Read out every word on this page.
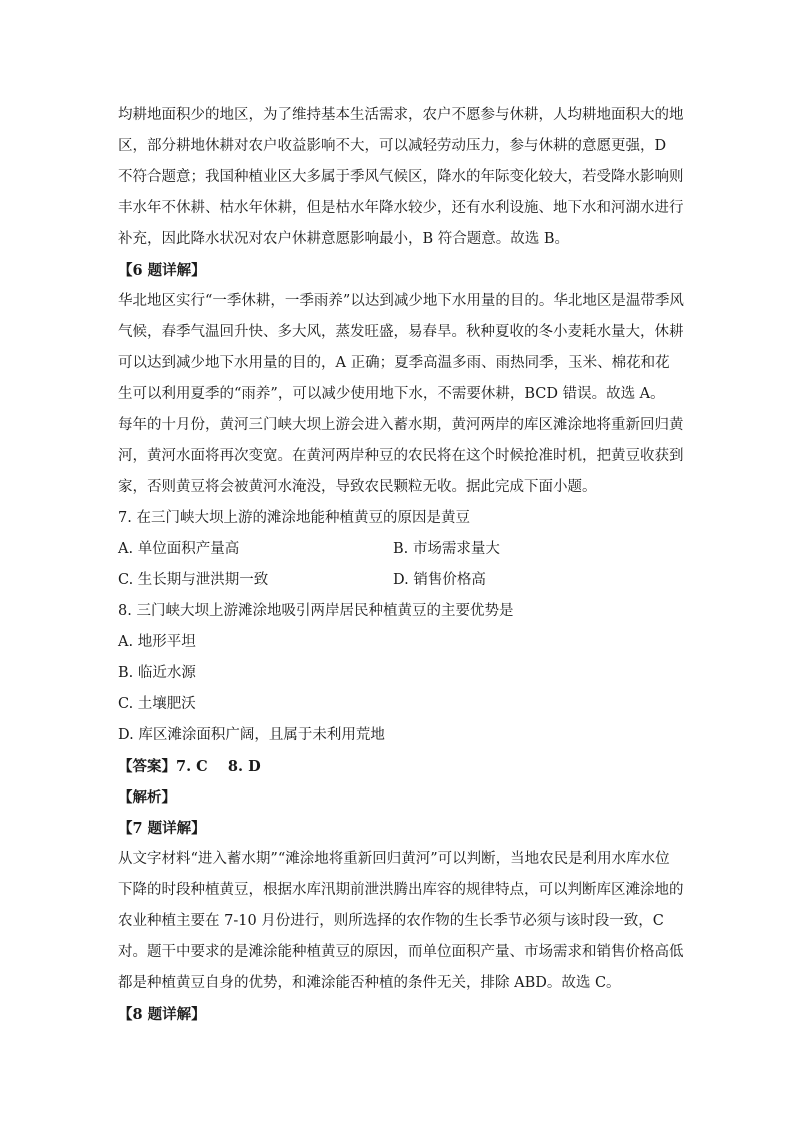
均耕地面积少的地区，为了维持基本生活需求，农户不愿参与休耕，人均耕地面积大的地区，部分耕地休耕对农户收益影响不大，可以减轻劳动压力，参与休耕的意愿更强，D 不符合题意；我国种植业区大多属于季风气候区，降水的年际变化较大，若受降水影响则丰水年不休耕、枯水年休耕，但是枯水年降水较少，还有水利设施、地下水和河湖水进行补充，因此降水状况对农户休耕意愿影响最小，B 符合题意。故选 B。

【6 题详解】

华北地区实行“一季休耕，一季雨养”以达到减少地下水用量的目的。华北地区是温带季风气候，春季气温回升快、多大风，蒸发旺盛，易春旱。秋种夏收的冬小麦耗水量大，休耕可以达到减少地下水用量的目的，A 正确；夏季高温多雨、雨热同季，玉米、棉花和花生可以利用夏季的“雨养”，可以减少使用地下水，不需要休耕，BCD 错误。故选 A。

每年的十月份，黄河三门峡大坝上游会进入蓄水期，黄河两岸的库区滩涂地将重新回归黄河，黄河水面将再次变宽。在黄河两岸种豆的农民将在这个时候抢准时机，把黄豆收获到家，否则黄豆将会被黄河水淹没，导致农民颗粒无收。据此完成下面小题。

7. 在三门峡大坝上游的滩涂地能种植黄豆的原因是黄豆

A. 单位面积产量高	B. 市场需求量大
C. 生长期与泄洪期一致	D. 销售价格高

8. 三门峡大坝上游滩涂地吸引两岸居民种植黄豆的主要优势是

A. 地形平坦

B. 临近水源

C. 土壤肥沃

D. 库区滩涂面积广阔，且属于未利用荒地

【答案】7. C    8. D

【解析】

【7 题详解】

从文字材料“进入蓄水期”“滩涂地将重新回归黄河”可以判断，当地农民是利用水库水位下降的时段种植黄豆，根据水库汛期前泄洪腾出库容的规律特点，可以判断库区滩涂地的农业种植主要在 7-10 月份进行，则所选择的农作物的生长季节必须与该时段一致，C 对。题干中要求的是滩涂能种植黄豆的原因，而单位面积产量、市场需求和销售价格高低都是种植黄豆自身的优势，和滩涂能否种植的条件无关，排除 ABD。故选 C。

【8 题详解】
